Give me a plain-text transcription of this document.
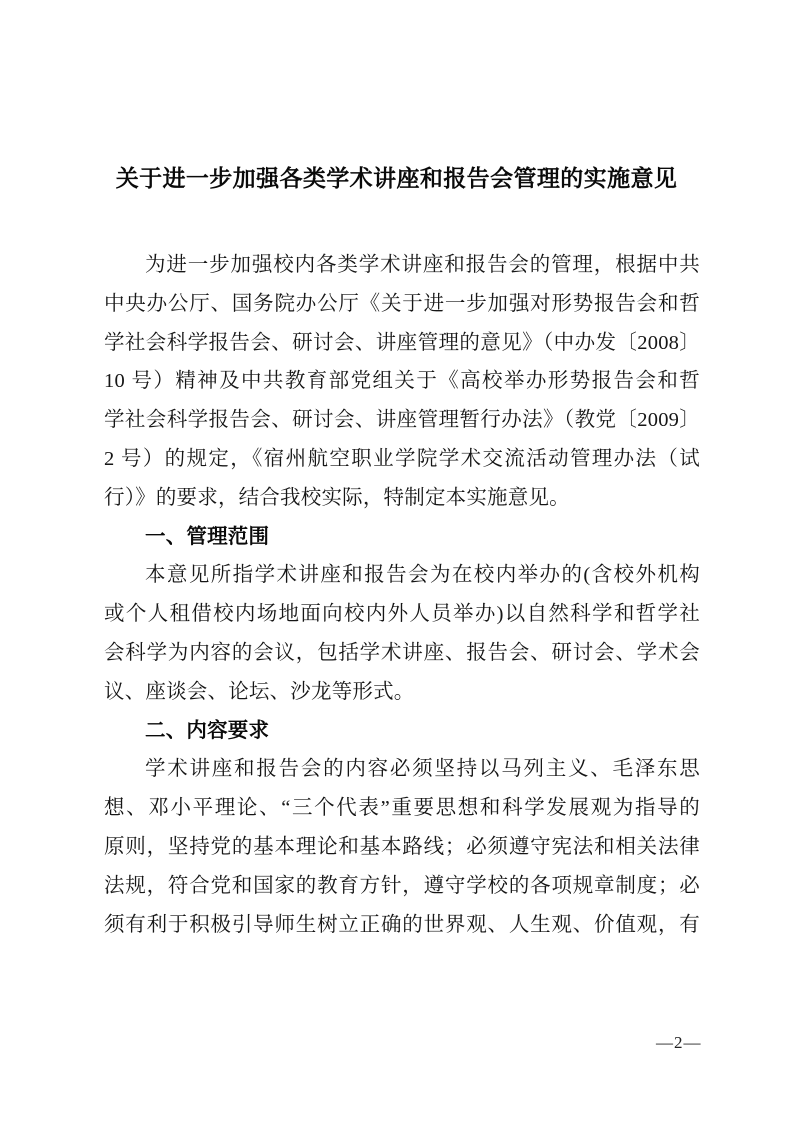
关于进一步加强各类学术讲座和报告会管理的实施意见
为进一步加强校内各类学术讲座和报告会的管理，根据中共
中央办公厅、国务院办公厅《关于进一步加强对形势报告会和哲
学社会科学报告会、研讨会、讲座管理的意见》（中办发〔2008〕
10 号）精神及中共教育部党组关于《高校举办形势报告会和哲
学社会科学报告会、研讨会、讲座管理暂行办法》（教党〔2009〕
2 号）的规定，《宿州航空职业学院学术交流活动管理办法（试
行）》的要求，结合我校实际，特制定本实施意见。
一、管理范围
本意见所指学术讲座和报告会为在校内举办的(含校外机构
或个人租借校内场地面向校内外人员举办)以自然科学和哲学社
会科学为内容的会议，包括学术讲座、报告会、研讨会、学术会
议、座谈会、论坛、沙龙等形式。
二、内容要求
学术讲座和报告会的内容必须坚持以马列主义、毛泽东思
想、邓小平理论、“三个代表”重要思想和科学发展观为指导的
原则，坚持党的基本理论和基本路线；必须遵守宪法和相关法律
法规，符合党和国家的教育方针，遵守学校的各项规章制度；必
须有利于积极引导师生树立正确的世界观、人生观、价值观，有
—2—
